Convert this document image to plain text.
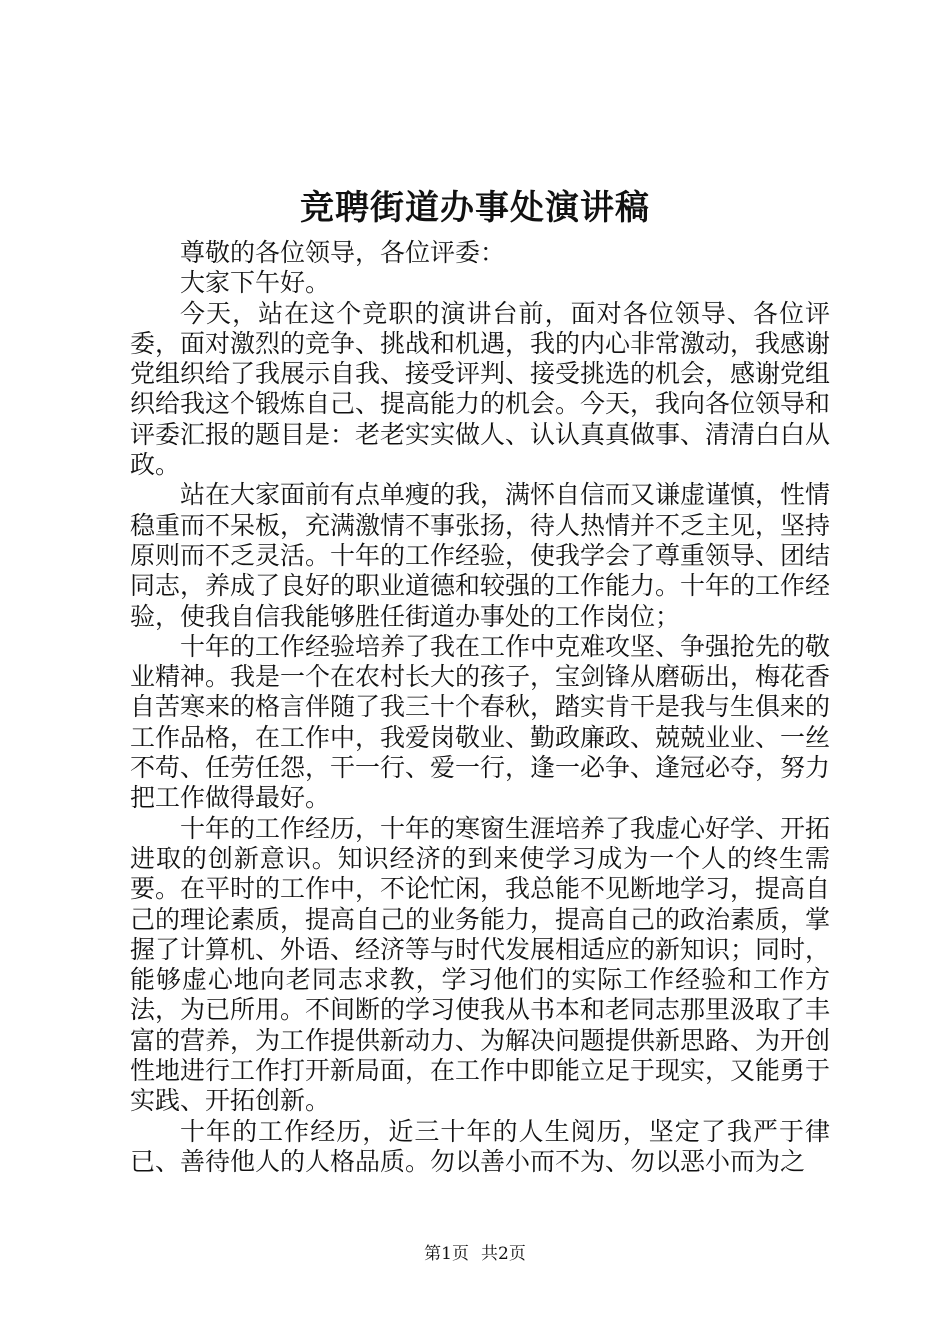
竞聘街道办事处演讲稿

尊敬的各位领导，各位评委：

大家下午好。

今天，站在这个竞职的演讲台前，面对各位领导、各位评委，面对激烈的竞争、挑战和机遇，我的内心非常激动，我感谢党组织给了我展示自我、接受评判、接受挑选的机会，感谢党组织给我这个锻炼自己、提高能力的机会。今天，我向各位领导和评委汇报的题目是：老老实实做人、认认真真做事、清清白白从政。

站在大家面前有点单瘦的我，满怀自信而又谦虚谨慎，性情稳重而不呆板，充满激情不事张扬，待人热情并不乏主见，坚持原则而不乏灵活。十年的工作经验，使我学会了尊重领导、团结同志，养成了良好的职业道德和较强的工作能力。十年的工作经验，使我自信我能够胜任街道办事处的工作岗位；

十年的工作经验培养了我在工作中克难攻坚、争强抢先的敬业精神。我是一个在农村长大的孩子，宝剑锋从磨砺出，梅花香自苦寒来的格言伴随了我三十个春秋，踏实肯干是我与生俱来的工作品格，在工作中，我爱岗敬业、勤政廉政、兢兢业业、一丝不苟、任劳任怨，干一行、爱一行，逢一必争、逢冠必夺，努力把工作做得最好。

十年的工作经历，十年的寒窗生涯培养了我虚心好学、开拓进取的创新意识。知识经济的到来使学习成为一个人的终生需要。在平时的工作中，不论忙闲，我总能不见断地学习，提高自己的理论素质，提高自己的业务能力，提高自己的政治素质，掌握了计算机、外语、经济等与时代发展相适应的新知识；同时，能够虚心地向老同志求教，学习他们的实际工作经验和工作方法，为已所用。不间断的学习使我从书本和老同志那里汲取了丰富的营养，为工作提供新动力、为解决问题提供新思路、为开创性地进行工作打开新局面，在工作中即能立足于现实，又能勇于实践、开拓创新。

十年的工作经历，近三十年的人生阅历，坚定了我严于律已、善待他人的人格品质。勿以善小而不为、勿以恶小而为之

第1页 共2页
